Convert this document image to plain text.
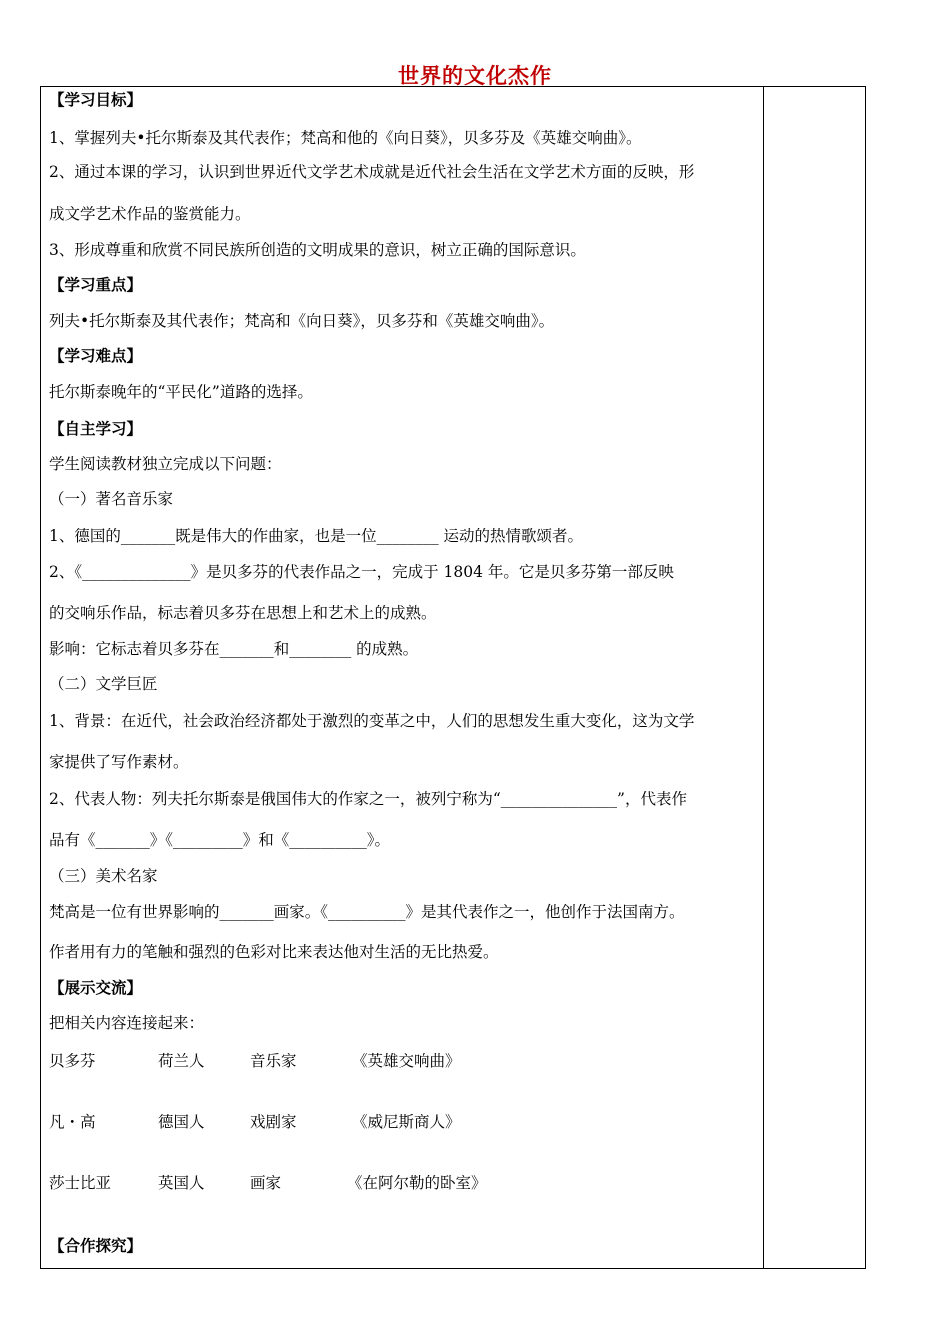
世界的文化杰作
【学习目标】
1、掌握列夫•托尔斯泰及其代表作；梵高和他的《向日葵》，贝多芬及《英雄交响曲》。
2、通过本课的学习，认识到世界近代文学艺术成就是近代社会生活在文学艺术方面的反映，形
成文学艺术作品的鉴赏能力。
3、形成尊重和欣赏不同民族所创造的文明成果的意识，树立正确的国际意识。
【学习重点】
列夫•托尔斯泰及其代表作；梵高和《向日葵》，贝多芬和《英雄交响曲》。
【学习难点】
托尔斯泰晚年的“平民化”道路的选择。
【自主学习】
学生阅读教材独立完成以下问题：
（一）著名音乐家
1、德国的_______既是伟大的作曲家，也是一位________ 运动的热情歌颂者。
2、《______________》是贝多芬的代表作品之一，完成于 1804 年。它是贝多芬第一部反映
的交响乐作品，标志着贝多芬在思想上和艺术上的成熟。
影响：它标志着贝多芬在_______和________ 的成熟。
（二）文学巨匠
1、背景：在近代，社会政治经济都处于激烈的变革之中，人们的思想发生重大变化，这为文学
家提供了写作素材。
2、代表人物：列夫托尔斯泰是俄国伟大的作家之一，被列宁称为“_______________”，代表作
品有《_______》《_________》和《__________》。
（三）美术名家
梵高是一位有世界影响的_______画家。《__________》是其代表作之一，他创作于法国南方。
作者用有力的笔触和强烈的色彩对比来表达他对生活的无比热爱。
【展示交流】
把相关内容连接起来：
贝多芬	荷兰人	音乐家	《英雄交响曲》
凡・高	德国人	戏剧家	《威尼斯商人》
莎士比亚	英国人	画家	《在阿尔勒的卧室》
【合作探究】
